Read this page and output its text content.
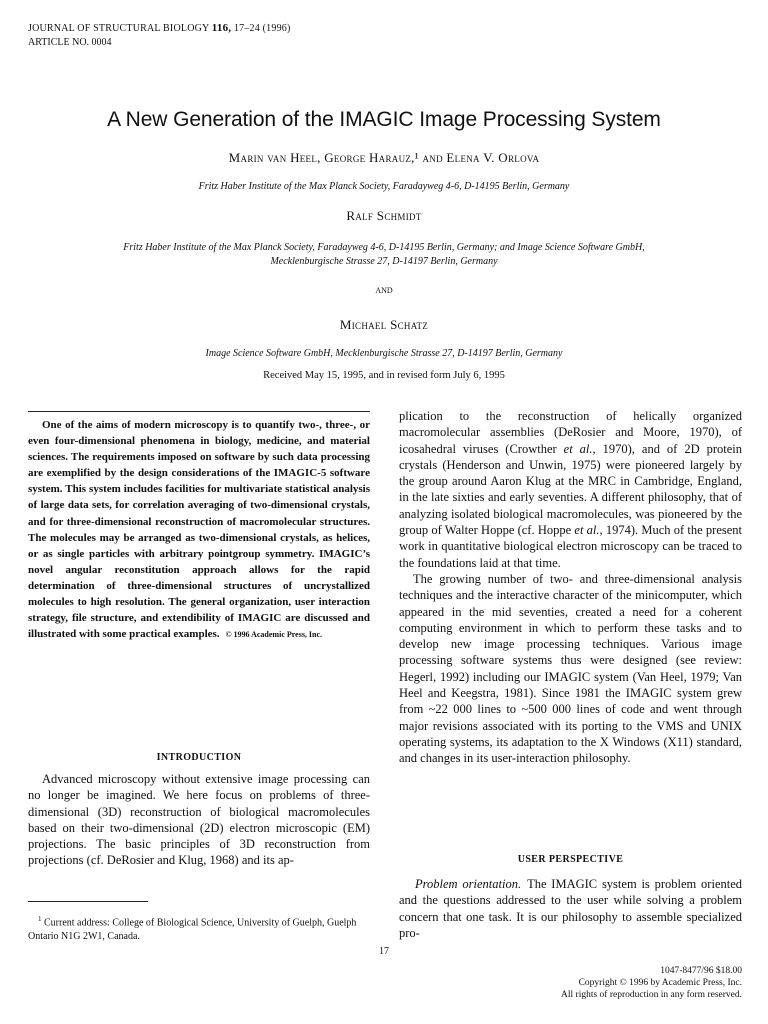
JOURNAL OF STRUCTURAL BIOLOGY 116, 17–24 (1996)
ARTICLE NO. 0004
A New Generation of the IMAGIC Image Processing System
Marin van Heel, George Harauz,¹ and Elena V. Orlova
Fritz Haber Institute of the Max Planck Society, Faradayweg 4-6, D-14195 Berlin, Germany
Ralf Schmidt
Fritz Haber Institute of the Max Planck Society, Faradayweg 4-6, D-14195 Berlin, Germany; and Image Science Software GmbH,
Mecklenburgische Strasse 27, D-14197 Berlin, Germany
and
Michael Schatz
Image Science Software GmbH, Mecklenburgische Strasse 27, D-14197 Berlin, Germany
Received May 15, 1995, and in revised form July 6, 1995
One of the aims of modern microscopy is to quantify two-, three-, or even four-dimensional phenomena in biology, medicine, and material sciences. The requirements imposed on software by such data processing are exemplified by the design considerations of the IMAGIC-5 software system. This system includes facilities for multivariate statistical analysis of large data sets, for correlation averaging of two-dimensional crystals, and for three-dimensional reconstruction of macromolecular structures. The molecules may be arranged as two-dimensional crystals, as helices, or as single particles with arbitrary pointgroup symmetry. IMAGIC’s novel angular reconstitution approach allows for the rapid determination of three-dimensional structures of uncrystallized molecules to high resolution. The general organization, user interaction strategy, file structure, and extendibility of IMAGIC are discussed and illustrated with some practical examples. © 1996 Academic Press, Inc.
INTRODUCTION
Advanced microscopy without extensive image processing can no longer be imagined. We here focus on problems of three-dimensional (3D) reconstruction of biological macromolecules based on their two-dimensional (2D) electron microscopic (EM) projections. The basic principles of 3D reconstruction from projections (cf. DeRosier and Klug, 1968) and its ap-
$^1$ Current address: College of Biological Science, University of Guelph, Guelph Ontario N1G 2W1, Canada.

plication to the reconstruction of helically organized macromolecular assemblies (DeRosier and Moore, 1970), of icosahedral viruses (Crowther et al., 1970), and of 2D protein crystals (Henderson and Unwin, 1975) were pioneered largely by the group around Aaron Klug at the MRC in Cambridge, England, in the late sixties and early seventies. A different philosophy, that of analyzing isolated biological macromolecules, was pioneered by the group of Walter Hoppe (cf. Hoppe et al., 1974). Much of the present work in quantitative biological electron microscopy can be traced to the foundations laid at that time.

The growing number of two- and three-dimensional analysis techniques and the interactive character of the minicomputer, which appeared in the mid seventies, created a need for a coherent computing environment in which to perform these tasks and to develop new image processing techniques. Various image processing software systems thus were designed (see review: Hegerl, 1992) including our IMAGIC system (Van Heel, 1979; Van Heel and Keegstra, 1981). Since 1981 the IMAGIC system grew from ~22 000 lines to ~500 000 lines of code and went through major revisions associated with its porting to the VMS and UNIX operating systems, its adaptation to the X Windows (X11) standard, and changes in its user-interaction philosophy.

USER PERSPECTIVE
Problem orientation. The IMAGIC system is problem oriented and the questions addressed to the user while solving a problem concern that one task. It is our philosophy to assemble specialized pro-
17
1047-8477/96 $18.00
Copyright © 1996 by Academic Press, Inc.
All rights of reproduction in any form reserved.
